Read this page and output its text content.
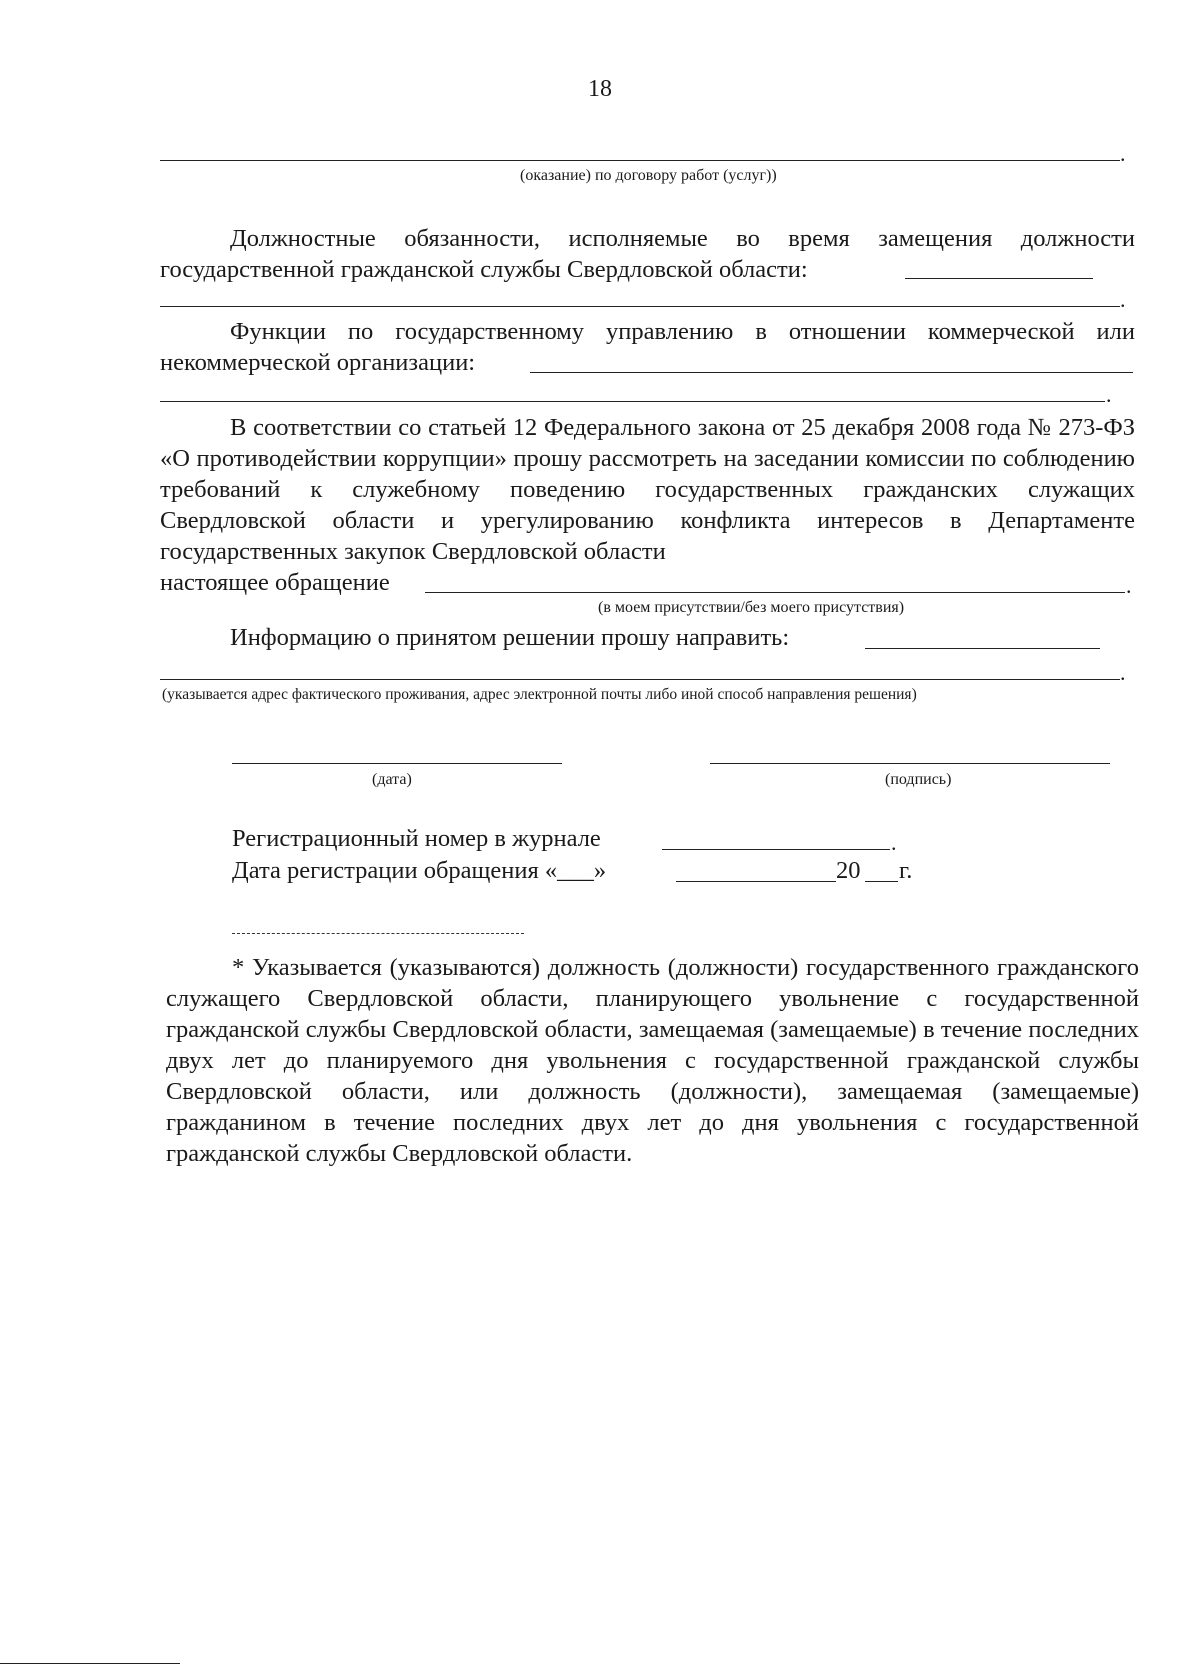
18
.
(оказание) по договору работ (услуг))

Должностные обязанности, исполняемые во время замещения должности государственной гражданской службы Свердловской области:

.

Функции по государственному управлению в отношении коммерческой или некоммерческой организации:

.

В соответствии со статьей 12 Федерального закона от 25 декабря 2008 года № 273-ФЗ «О противодействии коррупции» прошу рассмотреть на заседании комиссии по соблюдению требований к служебному поведению государственных гражданских служащих Свердловской области и урегулированию конфликта интересов в Департаменте государственных закупок Свердловской области

настоящее обращение	.
(в моем присутствии/без моего присутствия)
Информацию о принятом решении прошу направить:
.
(указывается адрес фактического проживания, адрес электронной почты либо иной способ направления решения)
(дата)	(подпись)
Регистрационный номер в журнале	.
Дата регистрации обращения «___»	20 г.

* Указывается (указываются) должность (должности) государственного гражданского служащего Свердловской области, планирующего увольнение с государственной гражданской службы Свердловской области, замещаемая (замещаемые) в течение последних двух лет до планируемого дня увольнения с государственной гражданской службы Свердловской области, или должность (должности), замещаемая (замещаемые) гражданином в течение последних двух лет до дня увольнения с государственной гражданской службы Свердловской области.
